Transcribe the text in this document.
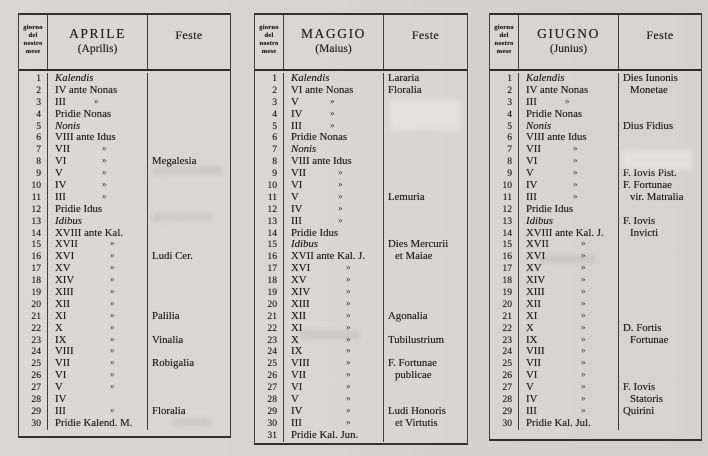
giorno
del
nostro
mese
APRILE
(Aprilis)
Feste
1	Kalendis
2	IV ante Nonas
3	III	»
4	Pridie Nonas
5	Nonis
6	VIII ante Idus
7	VII	»
8	VI	»	Megalesia
9	V	»
10	IV	»
11	III	»
12	Pridie Idus
13	Idibus
14	XVIII ante Kal.
15	XVII	»
16	XVI	»	Ludi Cer.
17	XV	»
18	XIV	»
19	XIII	»
20	XII	»
21	XI	»	Palilia
22	X	»
23	IX	»	Vinalia
24	VIII	»
25	VII	»	Robigalia
26	VI	»
27	V	»
28	IV
29	III	»	Floralia
30	Pridie Kalend. M.
giorno
del
nostro
mese
MAGGIO
(Maius)
Feste
1	Kalendis	Lararia
2	VI ante Nonas	Floralia
3	V	»
4	IV	»
5	III	»
6	Pridie Nonas
7	Nonis
8	VIII ante Idus
9	VII	»
10	VI	»
11	V	»	Lemuria
12	IV	»
13	III	»
14	Pridie Idus
15	Idibus	Dies Mercurii
16	XVII ante Kal. J.	et Maiae
17	XVI	»
18	XV	»
19	XIV	»
20	XIII	»
21	XII	»	Agonalia
22	XI	»
23	X	»	Tubilustrium
24	IX	»
25	VIII	»	F. Fortunae
26	VII	»	publicae
27	VI	»
28	V	»
29	IV	»	Ludi Honoris
30	III	»	et Virtutis
31	Pridie Kal. Jun.
giorno
del
nostro
mese
GIUGNO
(Junius)
Feste
1	Kalendis	Dies Iunonis
2	IV ante Nonas	Monetae
3	III	»
4	Pridie Nonas
5	Nonis	Dius Fidius
6	VIII ante Idus
7	VII	»
8	VI	»
9	V	»	F. Iovis Pist.
10	IV	»	F. Fortunae
11	III	»	vir. Matralia
12	Pridie Idus
13	Idibus	F. Iovis
14	XVIII ante Kal. J.	Invicti
15	XVII	»
16	XVI	»
17	XV	»
18	XIV	»
19	XIII	»
20	XII	»
21	XI	»
22	X	»	D. Fortis
23	IX	»	Fortunae
24	VIII	»
25	VII	»
26	VI	»
27	V	»	F. Iovis
28	IV	»	Statoris
29	III	»	Quirini
30	Pridie Kal. Jul.
